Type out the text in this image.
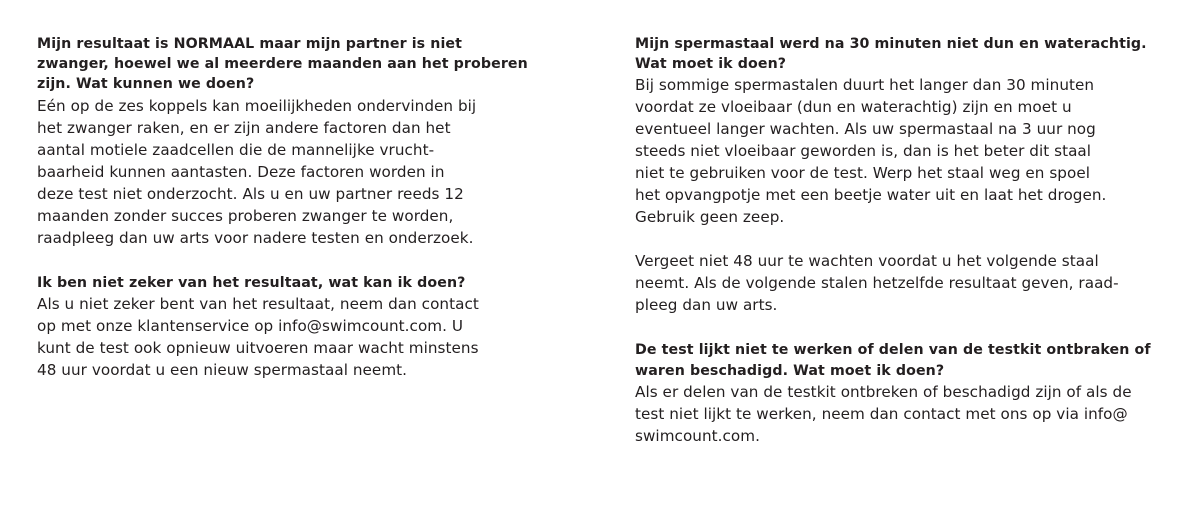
Mijn resultaat is NORMAAL maar mijn partner is niet
zwanger, hoewel we al meerdere maanden aan het proberen
zijn. Wat kunnen we doen?

Eén op de zes koppels kan moeilijkheden ondervinden bij
het zwanger raken, en er zijn andere factoren dan het
aantal motiele zaadcellen die de mannelijke vrucht-
baarheid kunnen aantasten. Deze factoren worden in
deze test niet onderzocht. Als u en uw partner reeds 12
maanden zonder succes proberen zwanger te worden,
raadpleeg dan uw arts voor nadere testen en onderzoek.

Ik ben niet zeker van het resultaat, wat kan ik doen?

Als u niet zeker bent van het resultaat, neem dan contact
op met onze klantenservice op info@swimcount.com. U
kunt de test ook opnieuw uitvoeren maar wacht minstens
48 uur voordat u een nieuw spermastaal neemt.

Mijn spermastaal werd na 30 minuten niet dun en waterachtig.
Wat moet ik doen?

Bij sommige spermastalen duurt het langer dan 30 minuten
voordat ze vloeibaar (dun en waterachtig) zijn en moet u
eventueel langer wachten. Als uw spermastaal na 3 uur nog
steeds niet vloeibaar geworden is, dan is het beter dit staal
niet te gebruiken voor de test. Werp het staal weg en spoel
het opvangpotje met een beetje water uit en laat het drogen.
Gebruik geen zeep.

Vergeet niet 48 uur te wachten voordat u het volgende staal
neemt. Als de volgende stalen hetzelfde resultaat geven, raad-
pleeg dan uw arts.

De test lijkt niet te werken of delen van de testkit ontbraken of
waren beschadigd. Wat moet ik doen?

Als er delen van de testkit ontbreken of beschadigd zijn of als de
test niet lijkt te werken, neem dan contact met ons op via info@
swimcount.com.
